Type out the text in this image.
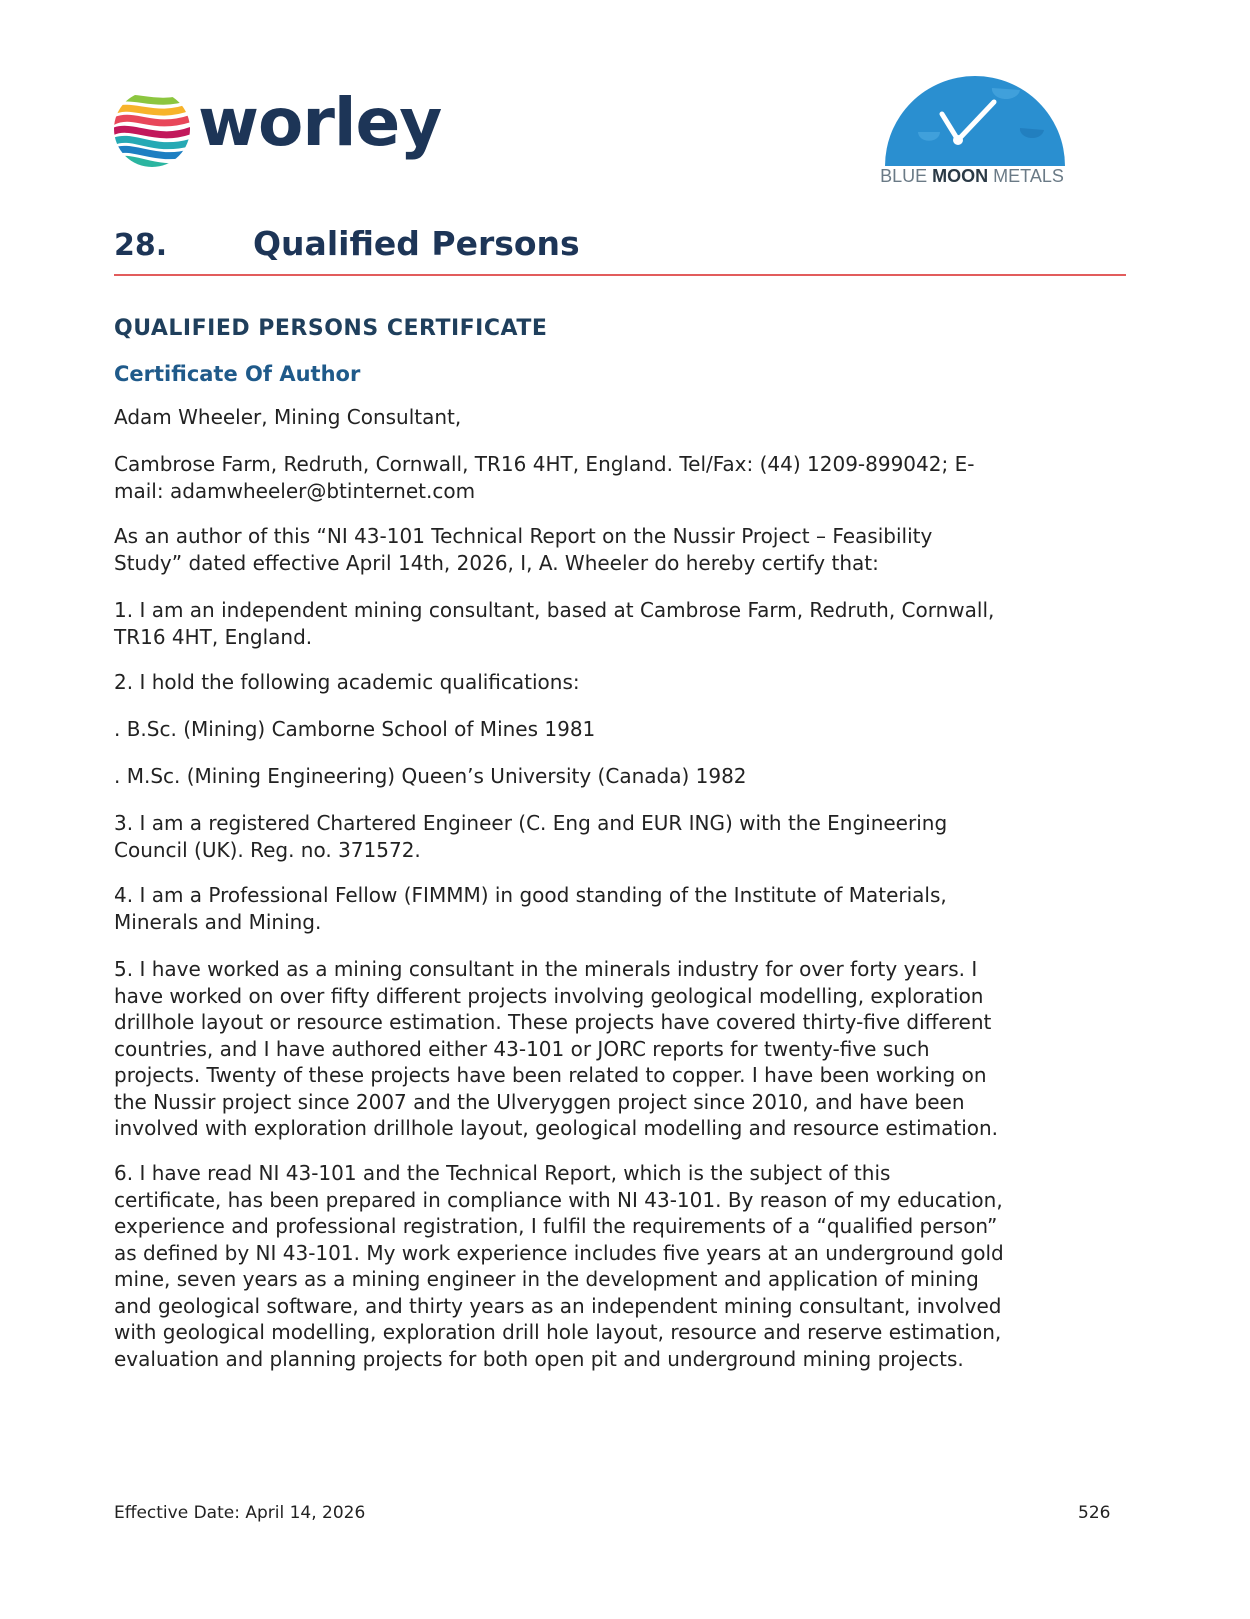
worley
BLUE MOON METALS
28.	Qualified Persons
QUALIFIED PERSONS CERTIFICATE
Certificate Of Author
Adam Wheeler, Mining Consultant,
Cambrose Farm, Redruth, Cornwall, TR16 4HT, England. Tel/Fax: (44) 1209-899042; E-
mail: adamwheeler@btinternet.com
As an author of this “NI 43-101 Technical Report on the Nussir Project – Feasibility
Study” dated effective April 14th, 2026, I, A. Wheeler do hereby certify that:
1. I am an independent mining consultant, based at Cambrose Farm, Redruth, Cornwall,
TR16 4HT, England.
2. I hold the following academic qualifications:
. B.Sc. (Mining) Camborne School of Mines 1981
. M.Sc. (Mining Engineering) Queen’s University (Canada) 1982
3. I am a registered Chartered Engineer (C. Eng and EUR ING) with the Engineering
Council (UK). Reg. no. 371572.
4. I am a Professional Fellow (FIMMM) in good standing of the Institute of Materials,
Minerals and Mining.
5. I have worked as a mining consultant in the minerals industry for over forty years. I
have worked on over fifty different projects involving geological modelling, exploration
drillhole layout or resource estimation. These projects have covered thirty-five different
countries, and I have authored either 43-101 or JORC reports for twenty-five such
projects. Twenty of these projects have been related to copper. I have been working on
the Nussir project since 2007 and the Ulveryggen project since 2010, and have been
involved with exploration drillhole layout, geological modelling and resource estimation.
6. I have read NI 43-101 and the Technical Report, which is the subject of this
certificate, has been prepared in compliance with NI 43-101. By reason of my education,
experience and professional registration, I fulfil the requirements of a “qualified person”
as defined by NI 43-101. My work experience includes five years at an underground gold
mine, seven years as a mining engineer in the development and application of mining
and geological software, and thirty years as an independent mining consultant, involved
with geological modelling, exploration drill hole layout, resource and reserve estimation,
evaluation and planning projects for both open pit and underground mining projects.
Effective Date: April 14, 2026	526
